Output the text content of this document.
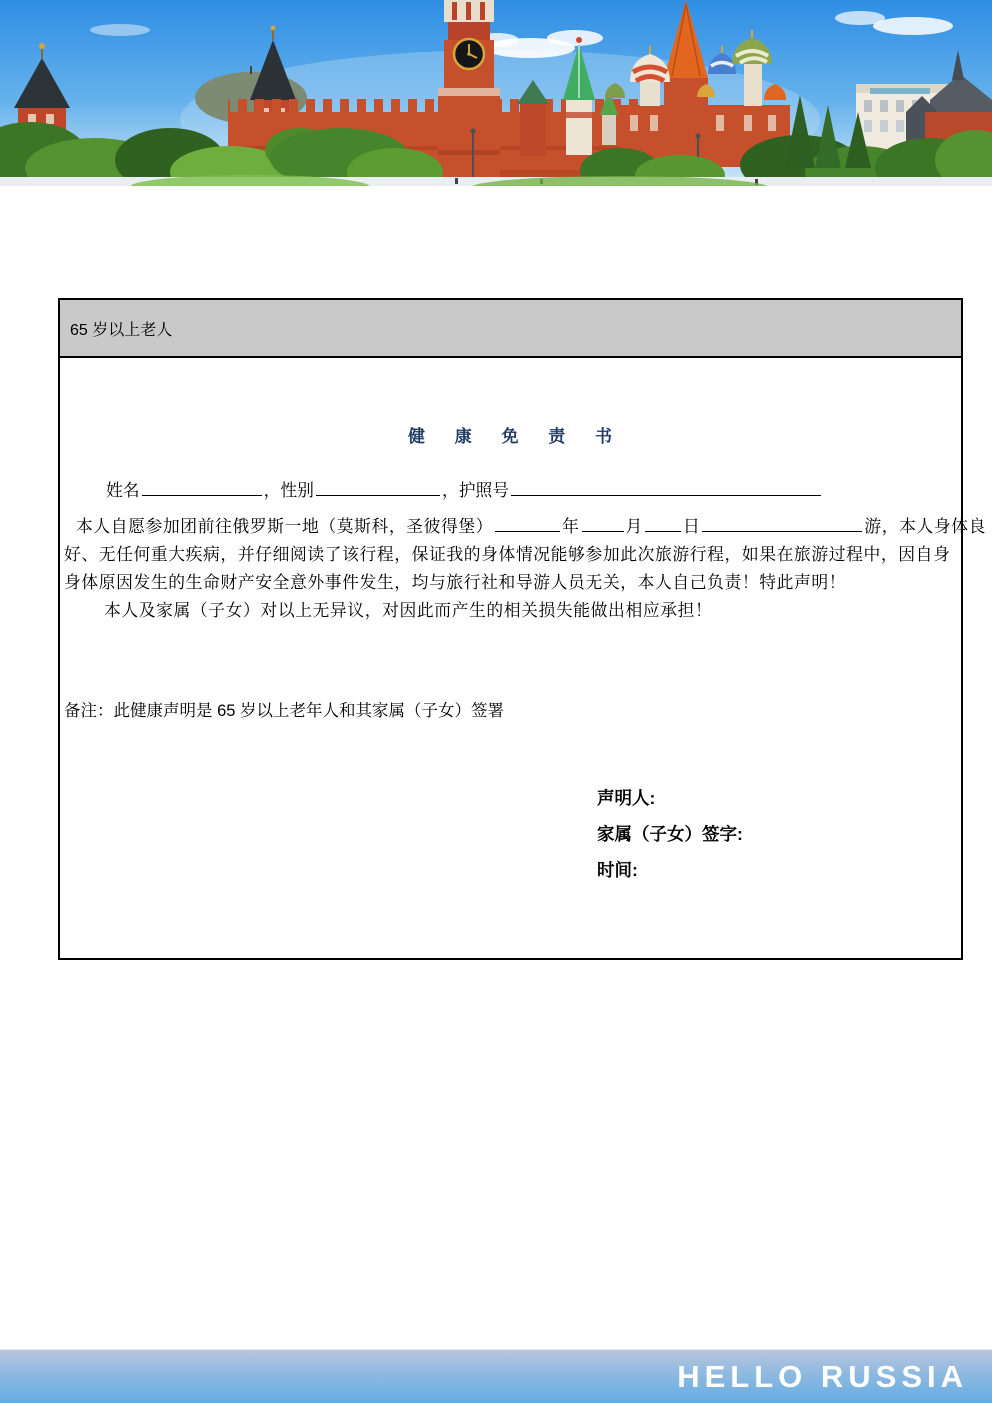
65 岁以上老人
健 康 免 责 书
姓名	，性别	，护照号
本人自愿参加团前往俄罗斯一地（莫斯科，圣彼得堡）	年	月 日	游，本人身体良
好、无任何重大疾病，并仔细阅读了该行程，保证我的身体情况能够参加此次旅游行程，如果在旅游过程中，因自身
身体原因发生的生命财产安全意外事件发生，均与旅行社和导游人员无关，本人自己负责！特此声明！
本人及家属（子女）对以上无异议，对因此而产生的相关损失能做出相应承担！
备注：此健康声明是 65 岁以上老年人和其家属（子女）签署
声明人:
家属（子女）签字:
时间:
HELLO RUSSIA
